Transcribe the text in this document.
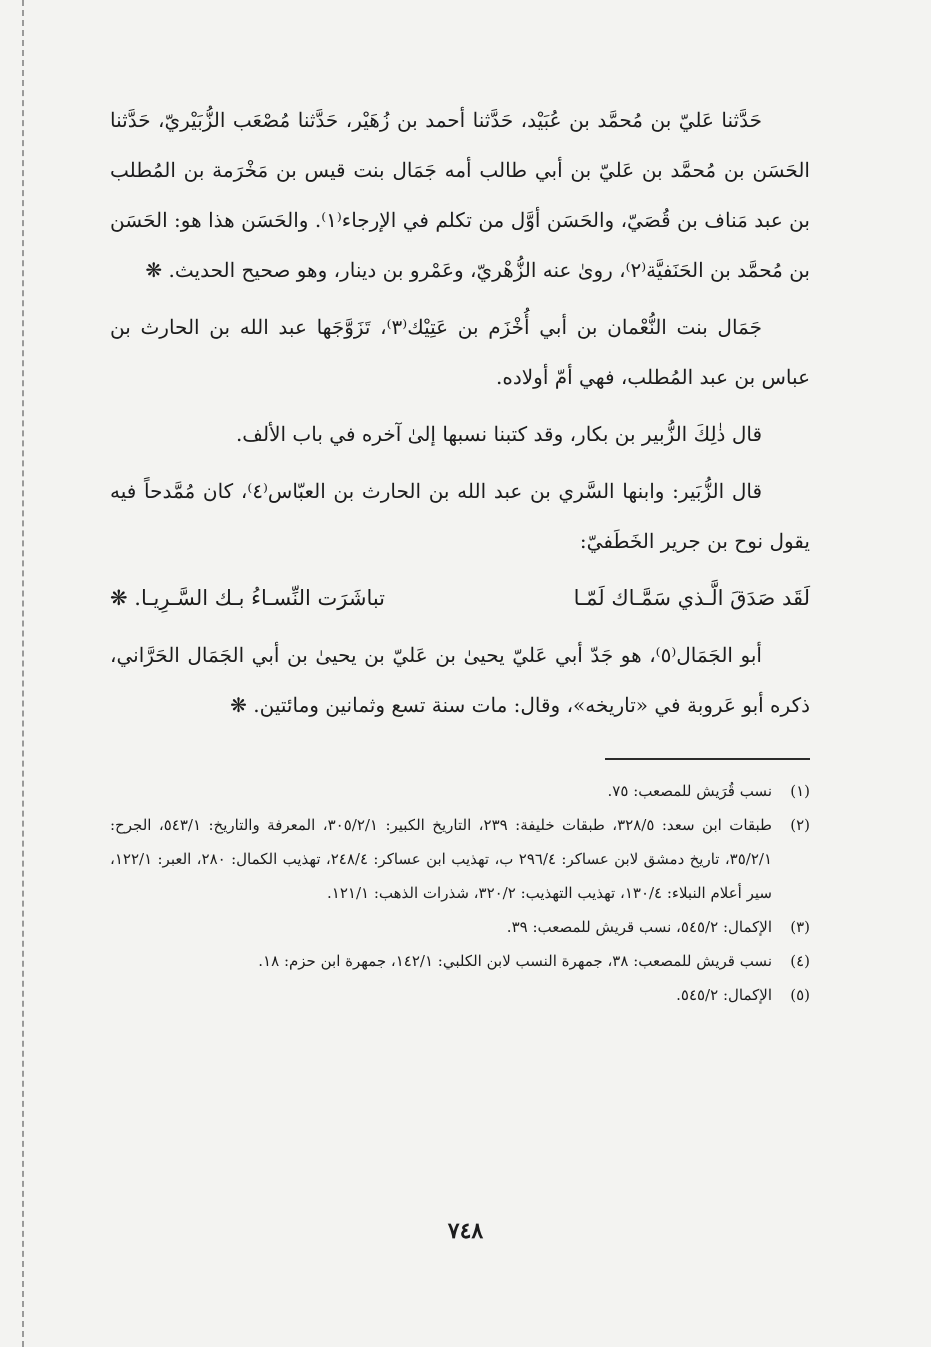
حَدَّثنا عَليّ بن مُحمَّد بن عُبَيْد، حَدَّثنا أحمد بن زُهَيْر، حَدَّثنا مُصْعَب الزُّبَيْريّ، حَدَّثنا الحَسَن بن مُحمَّد بن عَليّ بن أبي طالب أمه جَمَال بنت قيس بن مَخْرَمة بن المُطلب بن عبد مَناف بن قُصَيّ، والحَسَن أوَّل من تكلم في الإرجاء⁽١⁾. والحَسَن هذا هو: الحَسَن بن مُحمَّد بن الحَنَفيَّة⁽٢⁾، روىٰ عنه الزُّهْريّ، وعَمْرو بن دينار، وهو صحيح الحديث. ❋

جَمَال بنت النُّعْمان بن أبي أُخْزَم بن عَتِيْك⁽٣⁾، تَزَوَّجَها عبد الله بن الحارث بن عباس بن عبد المُطلب، فهي أمّ أولاده.

قال ذٰلِكَ الزُّبير بن بكار، وقد كتبنا نسبها إلىٰ آخره في باب الألف.

قال الزُّبَير: وابنها السَّري بن عبد الله بن الحارث بن العبّاس⁽٤⁾، كان مُمَّدحاً فيه يقول نوح بن جرير الخَطَفيّ:

لَقَد صَدَقَ الَّـذي سَمَّـاك لَمّـا
تباشَرَت النِّسـاءُ بـك السَّـرِيـا. ❋

أبو الجَمَال⁽٥⁾، هو جَدّ أبي عَليّ يحيىٰ بن عَليّ بن يحيىٰ بن أبي الجَمَال الحَرَّاني، ذكره أبو عَروبة في «تاريخه»، وقال: مات سنة تسع وثمانين ومائتين. ❋

(١)
نسب قُرَيش للمصعب: ٧٥.
(٢)
طبقات ابن سعد: ٣٢٨/٥، طبقات خليفة: ٢٣٩، التاريخ الكبير: ٣٠٥/٢/١، المعرفة والتاريخ: ٥٤٣/١، الجرح: ٣٥/٢/١، تاريخ دمشق لابن عساكر: ٢٩٦/٤ ب، تهذيب ابن عساكر: ٢٤٨/٤، تهذيب الكمال: ٢٨٠، العبر: ١٢٢/١، سير أعلام النبلاء: ١٣٠/٤، تهذيب التهذيب: ٣٢٠/٢، شذرات الذهب: ١٢١/١.
(٣)
الإكمال: ٥٤٥/٢، نسب قريش للمصعب: ٣٩.
(٤)
نسب قريش للمصعب: ٣٨، جمهرة النسب لابن الكلبي: ١٤٢/١، جمهرة ابن حزم: ١٨.
(٥)
الإكمال: ٥٤٥/٢.
٧٤٨
